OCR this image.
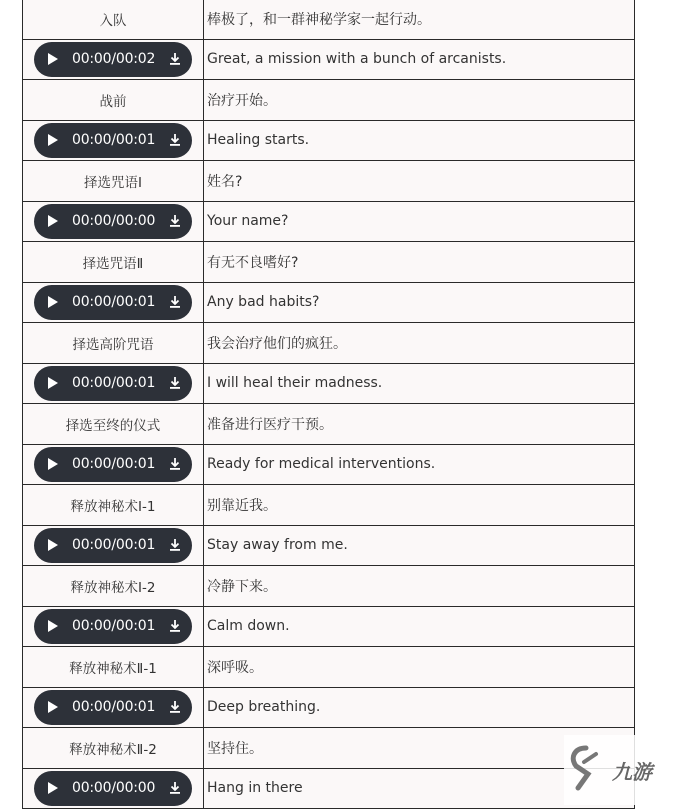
入队	棒极了，和一群神秘学家一起行动。
00:00/00:02	Great, a mission with a bunch of arcanists.
战前	治疗开始。
00:00/00:01	Healing starts.
择选咒语Ⅰ	姓名?
00:00/00:00	Your name?
择选咒语Ⅱ	有无不良嗜好?
00:00/00:01	Any bad habits?
择选高阶咒语	我会治疗他们的疯狂。
00:00/00:01	I will heal their madness.
择选至终的仪式	准备进行医疗干预。
00:00/00:01	Ready for medical interventions.
释放神秘术Ⅰ-1	别靠近我。
00:00/00:01	Stay away from me.
释放神秘术Ⅰ-2	冷静下来。
00:00/00:01	Calm down.
释放神秘术Ⅱ-1	深呼吸。
00:00/00:01	Deep breathing.
释放神秘术Ⅱ-2	坚持住。
00:00/00:00	Hang in there
九游
